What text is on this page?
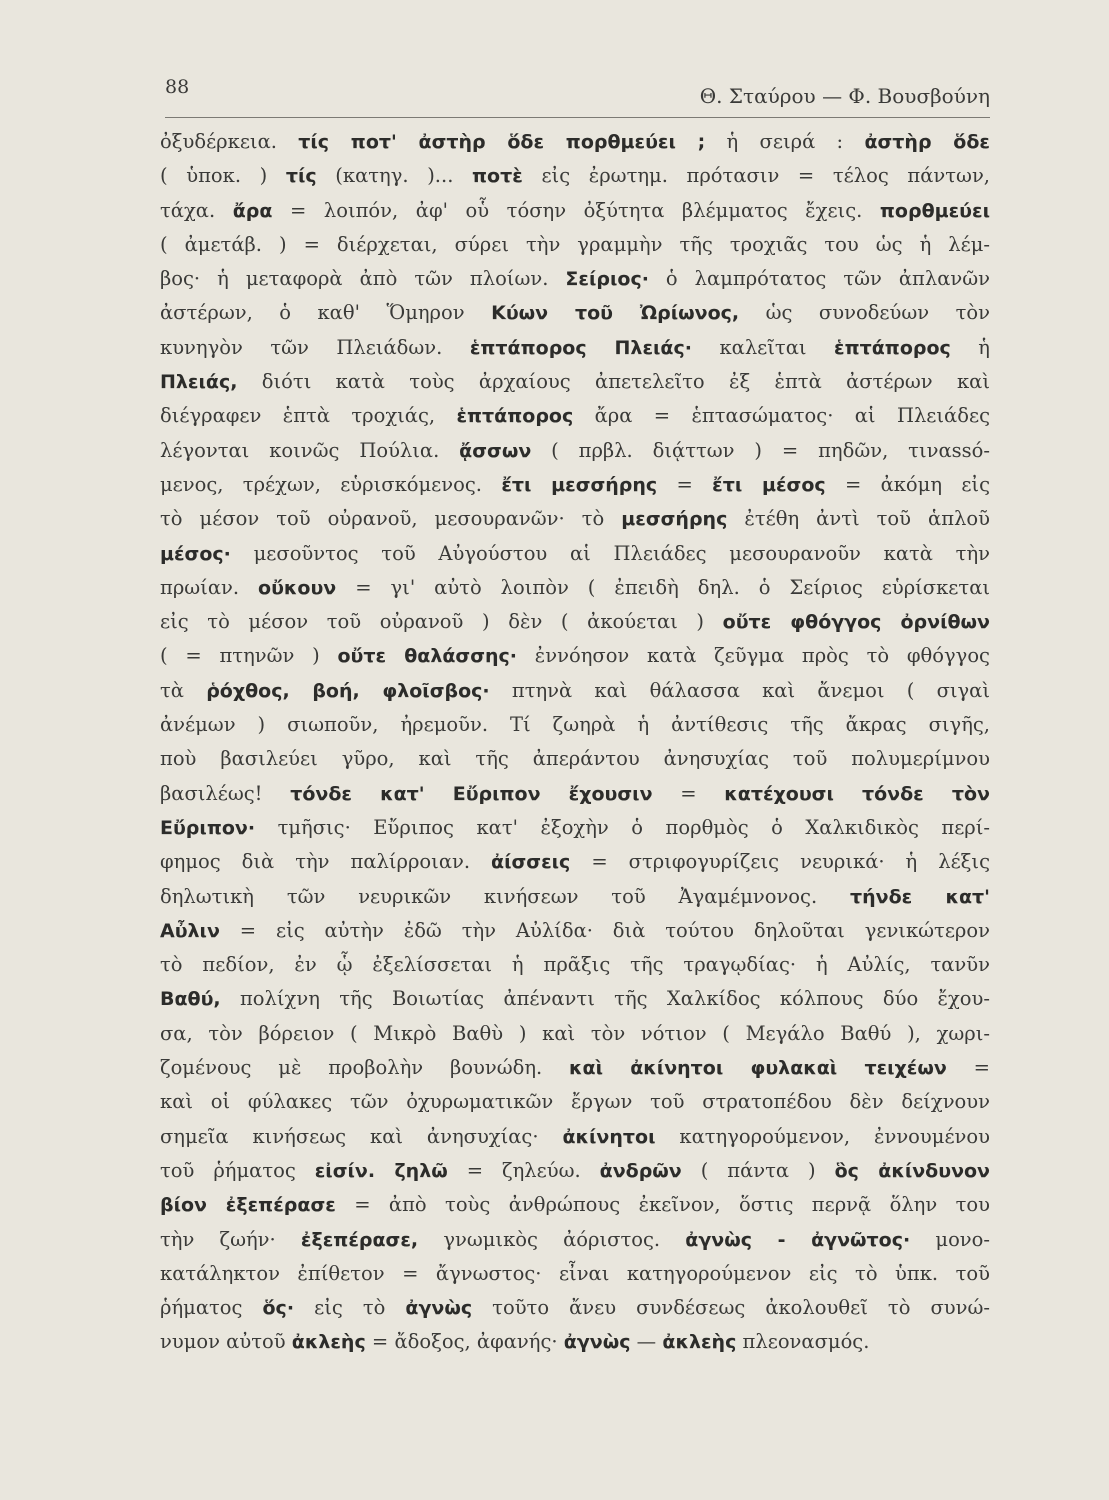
88	Θ. Σταύρου — Φ. Βουσβούνη
ὀξυδέρκεια. τίς ποτ' ἀστὴρ ὅδε πορθμεύει ; ἡ σειρά : ἀστὴρ ὅδε
( ὑποκ. ) τίς (κατηγ. )... ποτὲ εἰς ἐρωτημ. πρότασιν = τέλος πάντων,
τάχα. ἄρα = λοιπόν, ἀφ' οὗ τόσην ὀξύτητα βλέμματος ἔχεις. πορθμεύει
( ἀμετάβ. ) = διέρχεται, σύρει τὴν γραμμὴν τῆς τροχιᾶς του ὡς ἡ λέμ-
βος· ἡ μεταφορὰ ἀπὸ τῶν πλοίων. Σείριος· ὁ λαμπρότατος τῶν ἀπλανῶν
ἀστέρων, ὁ καθ' Ὅμηρον Κύων τοῦ Ὠρίωνος, ὡς συνοδεύων τὸν
κυνηγὸν τῶν Πλειάδων. ἑπτάπορος Πλειάς· καλεῖται ἑπτάπορος ἡ
Πλειάς, διότι κατὰ τοὺς ἀρχαίους ἀπετελεῖτο ἐξ ἑπτὰ ἀστέρων καὶ
διέγραφεν ἑπτὰ τροχιάς, ἑπτάπορος ἄρα = ἑπτασώματος· αἱ Πλειάδες
λέγονται κοινῶς Πούλια. ᾄσσων ( πρβλ. διᾴττων ) = πηδῶν, τιναssό-
μενος, τρέχων, εὑρισκόμενος. ἔτι μεσσήρης = ἔτι μέσος = ἀκόμη εἰς
τὸ μέσον τοῦ οὐρανοῦ, μεσουρανῶν· τὸ μεσσήρης ἐτέθη ἀντὶ τοῦ ἁπλοῦ
μέσος· μεσοῦντος τοῦ Αὐγούστου αἱ Πλειάδες μεσουρανοῦν κατὰ τὴν
πρωίαν. οὔκουν = γι' αὐτὸ λοιπὸν ( ἐπειδὴ δηλ. ὁ Σείριος εὑρίσκεται
εἰς τὸ μέσον τοῦ οὐρανοῦ ) δὲν ( ἀκούεται ) οὔτε φθόγγος ὀρνίθων
( = πτηνῶν ) οὔτε θαλάσσης· ἐννόησον κατὰ ζεῦγμα πρὸς τὸ φθόγγος
τὰ ῥόχθος, βοή, φλοῖσβος· πτηνὰ καὶ θάλασσα καὶ ἄνεμοι ( σιγαὶ
ἀνέμων ) σιωποῦν, ἠρεμοῦν. Τί ζωηρὰ ἡ ἀντίθεσις τῆς ἄκρας σιγῆς,
ποὺ βασιλεύει γῦρο, καὶ τῆς ἀπεράντου ἀνησυχίας τοῦ πολυμερίμνου
βασιλέως! τόνδε κατ' Εὔριπον ἔχουσιν = κατέχουσι τόνδε τὸν
Εὔριπον· τμῆσις· Εὔριπος κατ' ἐξοχὴν ὁ πορθμὸς ὁ Χαλκιδικὸς περί-
φημος διὰ τὴν παλίρροιαν. ἀίσσεις = στριφογυρίζεις νευρικά· ἡ λέξις
δηλωτικὴ τῶν νευρικῶν κινήσεων τοῦ Ἀγαμέμνονος. τήνδε κατ'
Αὖλιν = εἰς αὐτὴν ἐδῶ τὴν Αὐλίδα· διὰ τούτου δηλοῦται γενικώτερον
τὸ πεδίον, ἐν ᾧ ἐξελίσσεται ἡ πρᾶξις τῆς τραγῳδίας· ἡ Αὐλίς, τανῦν
Βαθύ, πολίχνη τῆς Βοιωτίας ἀπέναντι τῆς Χαλκίδος κόλπους δύο ἔχου-
σα, τὸν βόρειον ( Μικρὸ Βαθὺ ) καὶ τὸν νότιον ( Μεγάλο Βαθύ ), χωρι-
ζομένους μὲ προβολὴν βουνώδη. καὶ ἀκίνητοι φυλακαὶ τειχέων =
καὶ οἱ φύλακες τῶν ὀχυρωματικῶν ἔργων τοῦ στρατοπέδου δὲν δείχνουν
σημεῖα κινήσεως καὶ ἀνησυχίας· ἀκίνητοι κατηγορούμενον, ἐννουμένου
τοῦ ῥήματος εἰσίν. ζηλῶ = ζηλεύω. ἀνδρῶν ( πάντα ) ὃς ἀκίνδυνον
βίον ἐξεπέρασε = ἀπὸ τοὺς ἀνθρώπους ἐκεῖνον, ὅστις περνᾷ ὅλην του
τὴν ζωήν· ἐξεπέρασε, γνωμικὸς ἀόριστος. ἀγνὼς - ἀγνῶτος· μονο-
κατάληκτον ἐπίθετον = ἄγνωστος· εἶναι κατηγορούμενον εἰς τὸ ὑπκ. τοῦ
ῥήματος ὅς· εἰς τὸ ἀγνὼς τοῦτο ἄνευ συνδέσεως ἀκολουθεῖ τὸ συνώ-
νυμον αὐτοῦ ἀκλεὴς = ἄδοξος, ἀφανής· ἀγνὼς — ἀκλεὴς πλεονασμός.
